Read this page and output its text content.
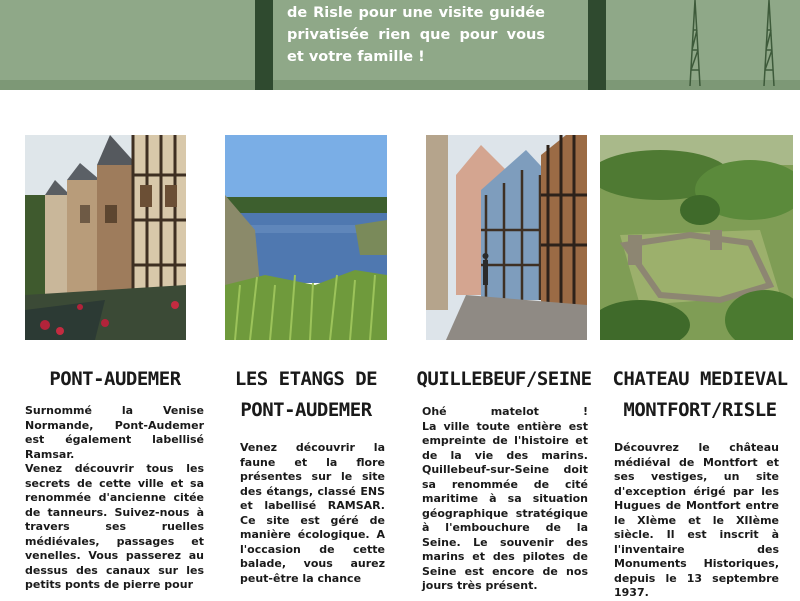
de Risle pour une visite guidée
privatisée rien que pour vous
et votre famille !
PONT-AUDEMER	LES ETANGS DE
PONT-AUDEMER
QUILLEBEUF/SEINE	CHATEAU MEDIEVAL
MONTFORT/RISLE
Surnommé la Venise
Normande, Pont-Audemer
est également labellisé
Ramsar.
Venez découvrir tous les
secrets de cette ville et sa
renommée d'ancienne citée
de tanneurs. Suivez-nous à
travers ses ruelles
médiévales, passages et
venelles. Vous passerez au
dessus des canaux sur les
petits ponts de pierre pour
Venez découvrir la
faune et la flore
présentes sur le site
des étangs, classé ENS
et labellisé RAMSAR.
Ce site est géré de
manière écologique. A
l'occasion de cette
balade, vous aurez
peut-être la chance
Ohé matelot !
La ville toute entière est
empreinte de l'histoire et
de la vie des marins.
Quillebeuf-sur-Seine doit
sa renommée de cité
maritime à sa situation
géographique stratégique
à l'embouchure de la
Seine. Le souvenir des
marins et des pilotes de
Seine est encore de nos
jours très présent.
Découvrez le château
médiéval de Montfort et
ses vestiges, un site
d'exception érigé par les
Hugues de Montfort entre
le XIème et le XIIème
siècle. Il est inscrit à
l'inventaire des
Monuments Historiques,
depuis le 13 septembre
1937.
